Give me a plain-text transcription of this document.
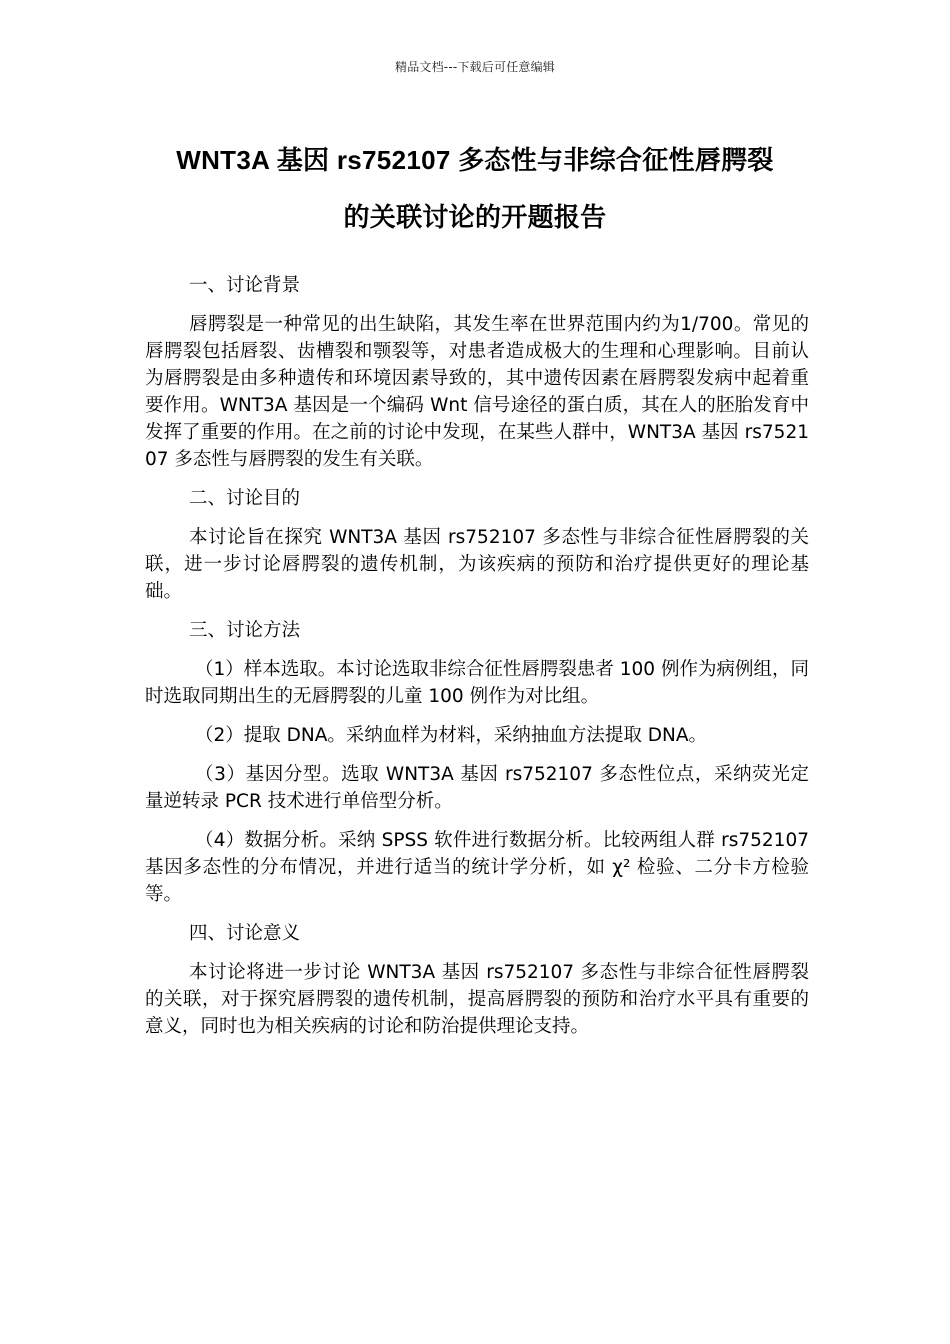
精品文档---下载后可任意编辑
WNT3A 基因 rs752107 多态性与非综合征性唇腭裂
的关联讨论的开题报告

一、讨论背景

唇腭裂是一种常见的出生缺陷，其发生率在世界范围内约为1/700。常见的唇腭裂包括唇裂、齿槽裂和颚裂等，对患者造成极大的生理和心理影响。目前认为唇腭裂是由多种遗传和环境因素导致的，其中遗传因素在唇腭裂发病中起着重要作用。WNT3A 基因是一个编码 Wnt 信号途径的蛋白质，其在人的胚胎发育中发挥了重要的作用。在之前的讨论中发现，在某些人群中，WNT3A 基因 rs752107 多态性与唇腭裂的发生有关联。

二、讨论目的

本讨论旨在探究 WNT3A 基因 rs752107 多态性与非综合征性唇腭裂的关联，进一步讨论唇腭裂的遗传机制，为该疾病的预防和治疗提供更好的理论基础。

三、讨论方法

（1）样本选取。本讨论选取非综合征性唇腭裂患者 100 例作为病例组，同时选取同期出生的无唇腭裂的儿童 100 例作为对比组。

（2）提取 DNA。采纳血样为材料，采纳抽血方法提取 DNA。

（3）基因分型。选取 WNT3A 基因 rs752107 多态性位点，采纳荧光定量逆转录 PCR 技术进行单倍型分析。

（4）数据分析。采纳 SPSS 软件进行数据分析。比较两组人群 rs752107 基因多态性的分布情况，并进行适当的统计学分析，如 χ² 检验、二分卡方检验等。

四、讨论意义

本讨论将进一步讨论 WNT3A 基因 rs752107 多态性与非综合征性唇腭裂的关联，对于探究唇腭裂的遗传机制，提高唇腭裂的预防和治疗水平具有重要的意义，同时也为相关疾病的讨论和防治提供理论支持。
